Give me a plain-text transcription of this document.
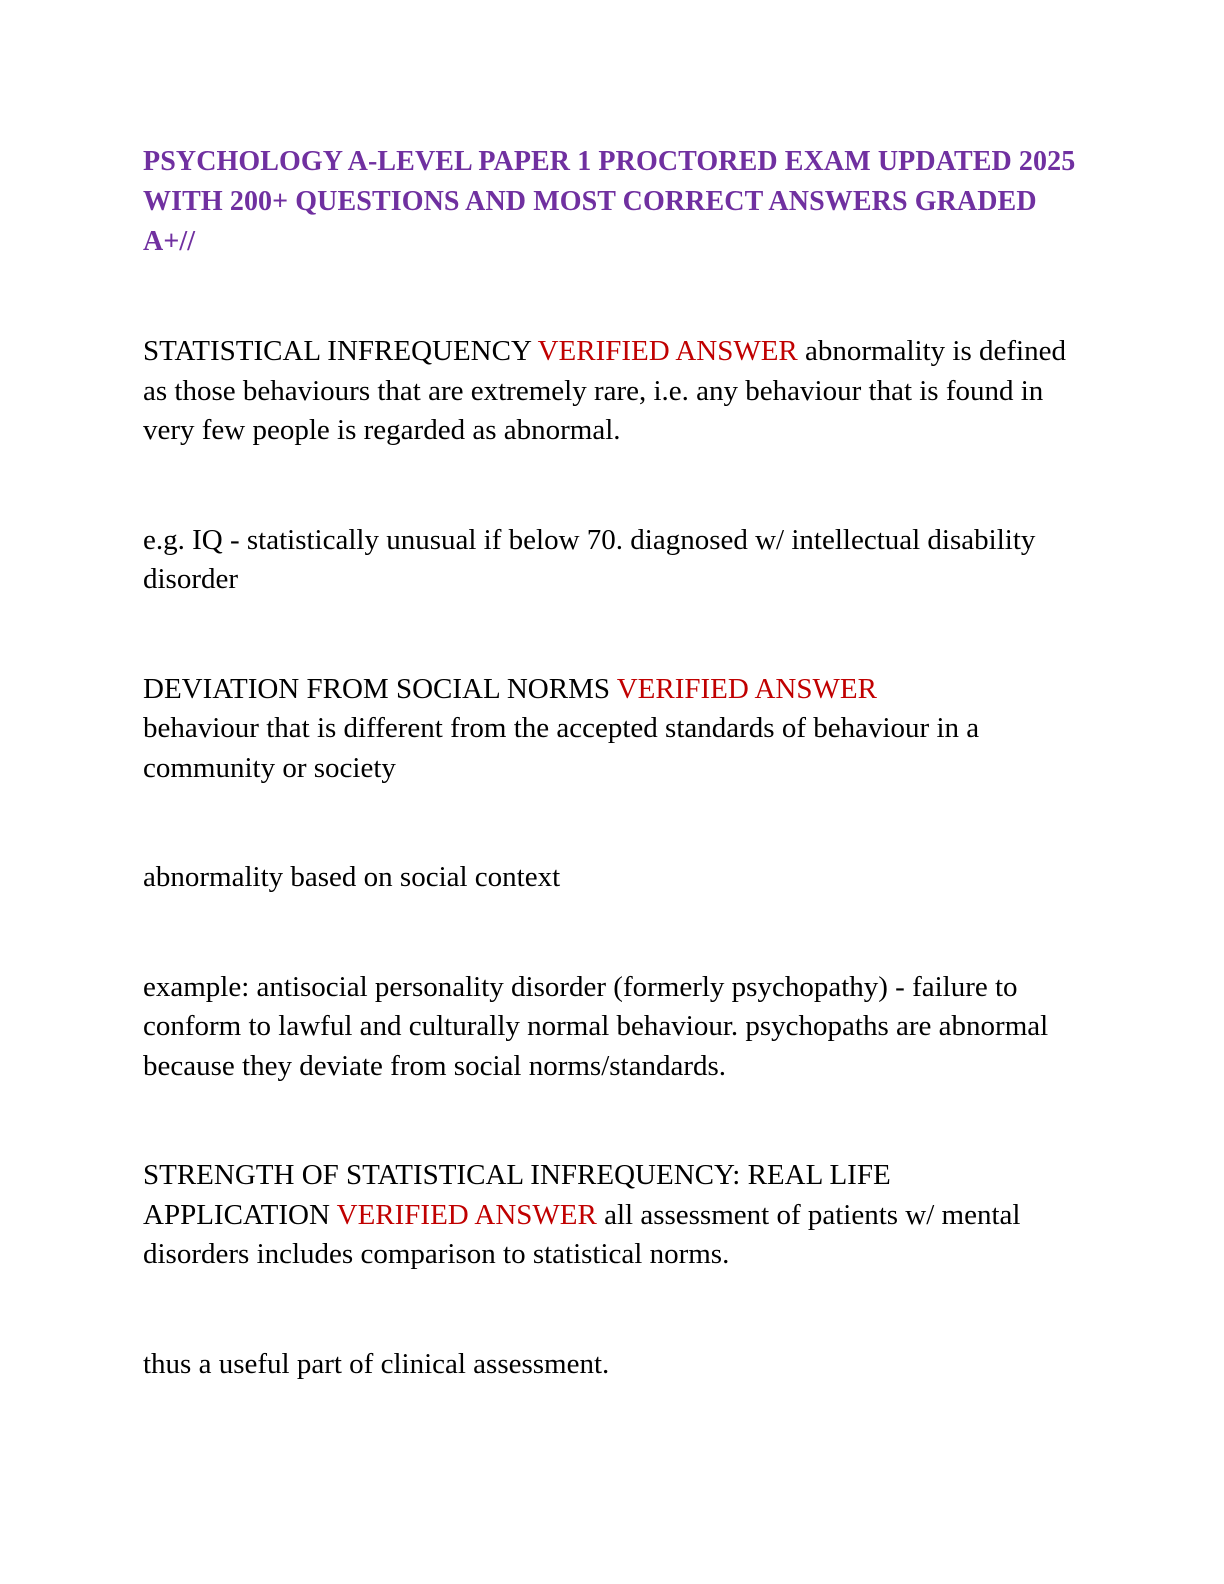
PSYCHOLOGY A-LEVEL PAPER 1 PROCTORED EXAM UPDATED 2025 WITH 200+ QUESTIONS AND MOST CORRECT ANSWERS GRADED A+//

STATISTICAL INFREQUENCY VERIFIED ANSWER abnormality is defined as those behaviours that are extremely rare, i.e. any behaviour that is found in very few people is regarded as abnormal.

e.g. IQ - statistically unusual if below 70. diagnosed w/ intellectual disability disorder

DEVIATION FROM SOCIAL NORMS VERIFIED ANSWER
behaviour that is different from the accepted standards of behaviour in a community or society

abnormality based on social context

example: antisocial personality disorder (formerly psychopathy) - failure to conform to lawful and culturally normal behaviour. psychopaths are abnormal because they deviate from social norms/standards.

STRENGTH OF STATISTICAL INFREQUENCY: REAL LIFE APPLICATION VERIFIED ANSWER all assessment of patients w/ mental disorders includes comparison to statistical norms.

thus a useful part of clinical assessment.
